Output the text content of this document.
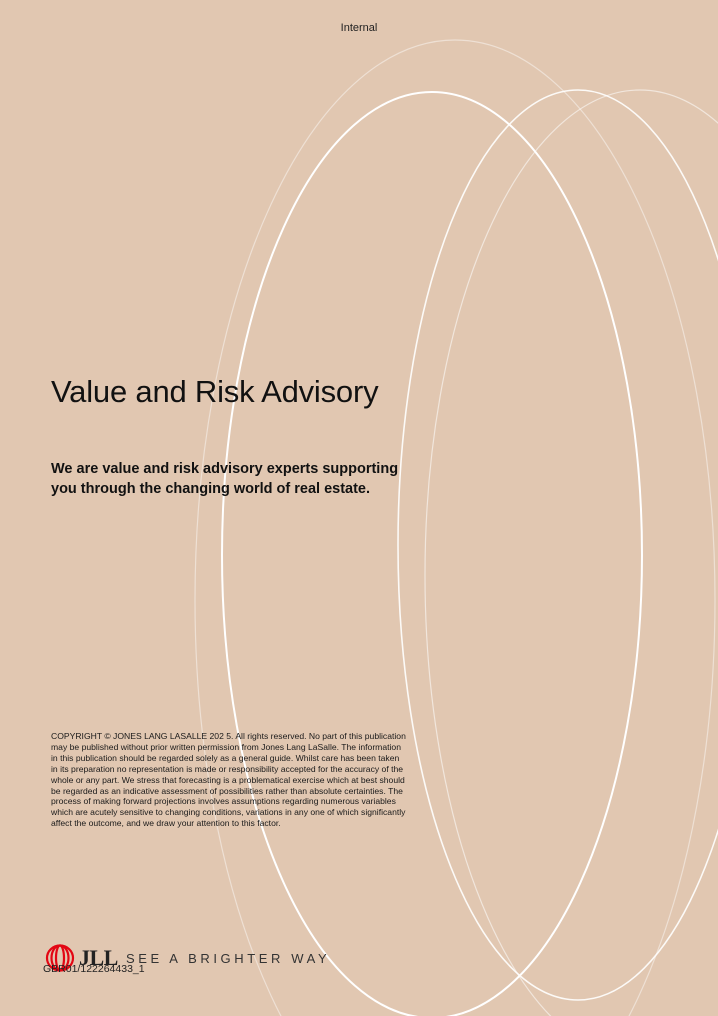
Internal
Value and Risk Advisory

We are value and risk advisory experts supporting you through the changing world of real estate.

COPYRIGHT © JONES LANG LASALLE 202 5. All rights reserved. No part of this publication may be published without prior written permission from Jones Lang LaSalle. The information in this publication should be regarded solely as a general guide. Whilst care has been taken in its preparation no representation is made or responsibility accepted for the accuracy of the whole or any part. We stress that forecasting is a problematical exercise which at best should be regarded as an indicative assessment of possibilities rather than absolute certainties. The process of making forward projections involves assumptions regarding numerous variables which are acutely sensitive to changing conditions, variations in any one of which significantly affect the outcome, and we draw your attention to this factor.

JLL SEE A BRIGHTER WAY
GBR01/122264433_1
